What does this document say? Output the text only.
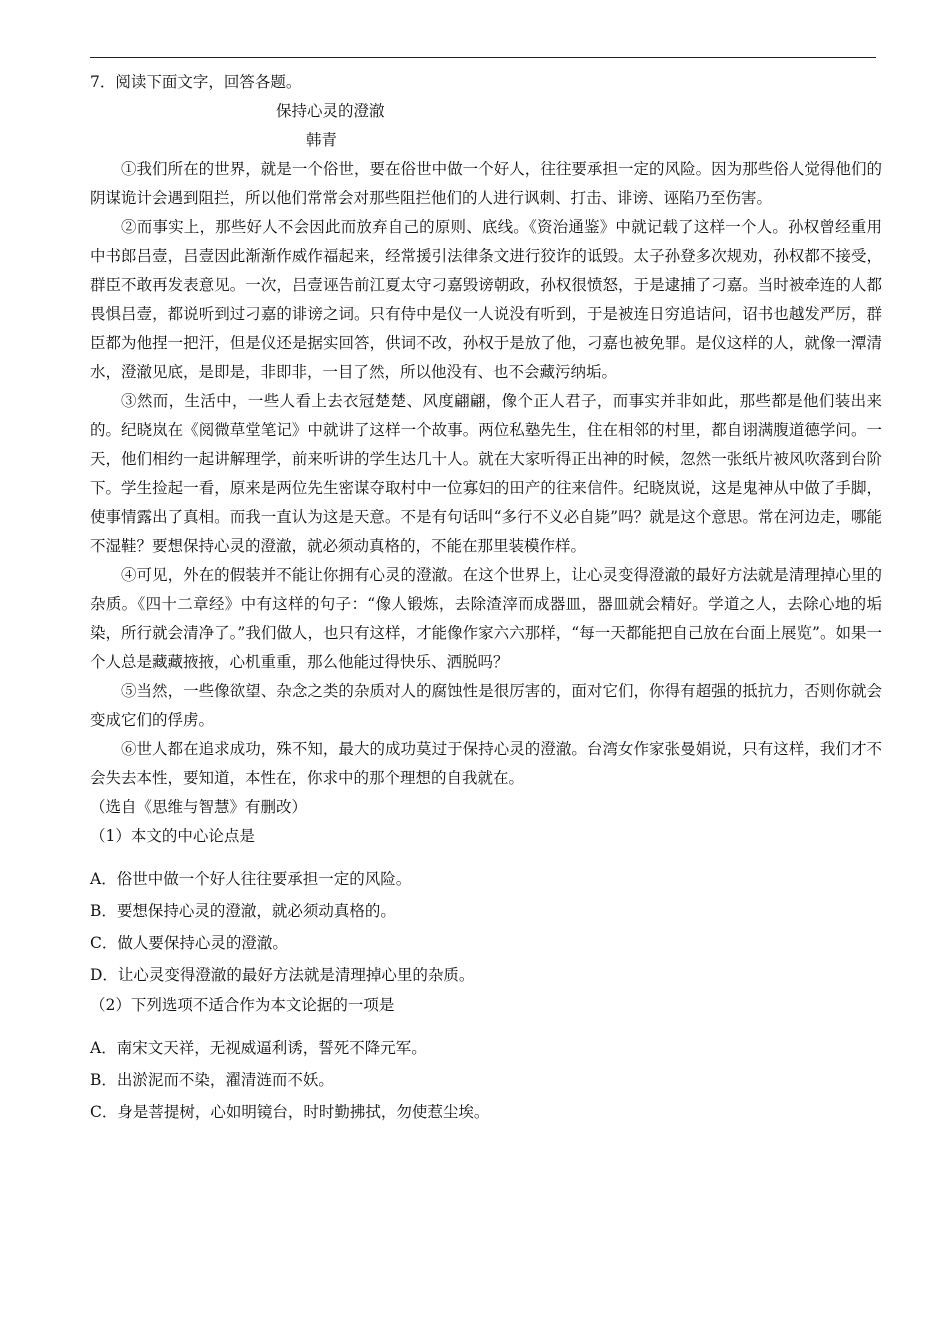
7．阅读下面文字，回答各题。
保持心灵的澄澈
韩青

①我们所在的世界，就是一个俗世，要在俗世中做一个好人，往往要承担一定的风险。因为那些俗人觉得他们的阴谋诡计会遇到阻拦，所以他们常常会对那些阻拦他们的人进行讽刺、打击、诽谤、诬陷乃至伤害。

②而事实上，那些好人不会因此而放弃自己的原则、底线。《资治通鉴》中就记载了这样一个人。孙权曾经重用中书郎吕壹，吕壹因此渐渐作威作福起来，经常援引法律条文进行狡诈的诋毁。太子孙登多次规劝，孙权都不接受，群臣不敢再发表意见。一次，吕壹诬告前江夏太守刁嘉毁谤朝政，孙权很愤怒，于是逮捕了刁嘉。当时被牵连的人都畏惧吕壹，都说听到过刁嘉的诽谤之词。只有侍中是仪一人说没有听到，于是被连日穷追诘问，诏书也越发严厉，群臣都为他捏一把汗，但是仪还是据实回答，供词不改，孙权于是放了他，刁嘉也被免罪。是仪这样的人，就像一潭清水，澄澈见底，是即是，非即非，一目了然，所以他没有、也不会藏污纳垢。

③然而，生活中，一些人看上去衣冠楚楚、风度翩翩，像个正人君子，而事实并非如此，那些都是他们装出来的。纪晓岚在《阅微草堂笔记》中就讲了这样一个故事。两位私塾先生，住在相邻的村里，都自诩满腹道德学问。一天，他们相约一起讲解理学，前来听讲的学生达几十人。就在大家听得正出神的时候，忽然一张纸片被风吹落到台阶下。学生捡起一看，原来是两位先生密谋夺取村中一位寡妇的田产的往来信件。纪晓岚说，这是鬼神从中做了手脚，使事情露出了真相。而我一直认为这是天意。不是有句话叫“多行不义必自毙”吗？就是这个意思。常在河边走，哪能不湿鞋？要想保持心灵的澄澈，就必须动真格的，不能在那里装模作样。

④可见，外在的假装并不能让你拥有心灵的澄澈。在这个世界上，让心灵变得澄澈的最好方法就是清理掉心里的杂质。《四十二章经》中有这样的句子：“像人锻炼，去除渣滓而成器皿，器皿就会精好。学道之人，去除心地的垢染，所行就会清净了。”我们做人，也只有这样，才能像作家六六那样，“每一天都能把自己放在台面上展览”。如果一个人总是藏藏掖掖，心机重重，那么他能过得快乐、洒脱吗？

⑤当然，一些像欲望、杂念之类的杂质对人的腐蚀性是很厉害的，面对它们，你得有超强的抵抗力，否则你就会变成它们的俘虏。

⑥世人都在追求成功，殊不知，最大的成功莫过于保持心灵的澄澈。台湾女作家张曼娟说，只有这样，我们才不会失去本性，要知道，本性在，你求中的那个理想的自我就在。

（选自《思维与智慧》有删改）
（1）本文的中心论点是
A．俗世中做一个好人往往要承担一定的风险。
B．要想保持心灵的澄澈，就必须动真格的。
C．做人要保持心灵的澄澈。
D．让心灵变得澄澈的最好方法就是清理掉心里的杂质。
（2）下列选项不适合作为本文论据的一项是
A．南宋文天祥，无视威逼利诱，誓死不降元军。
B．出淤泥而不染，濯清涟而不妖。
C．身是菩提树，心如明镜台，时时勤拂拭，勿使惹尘埃。
